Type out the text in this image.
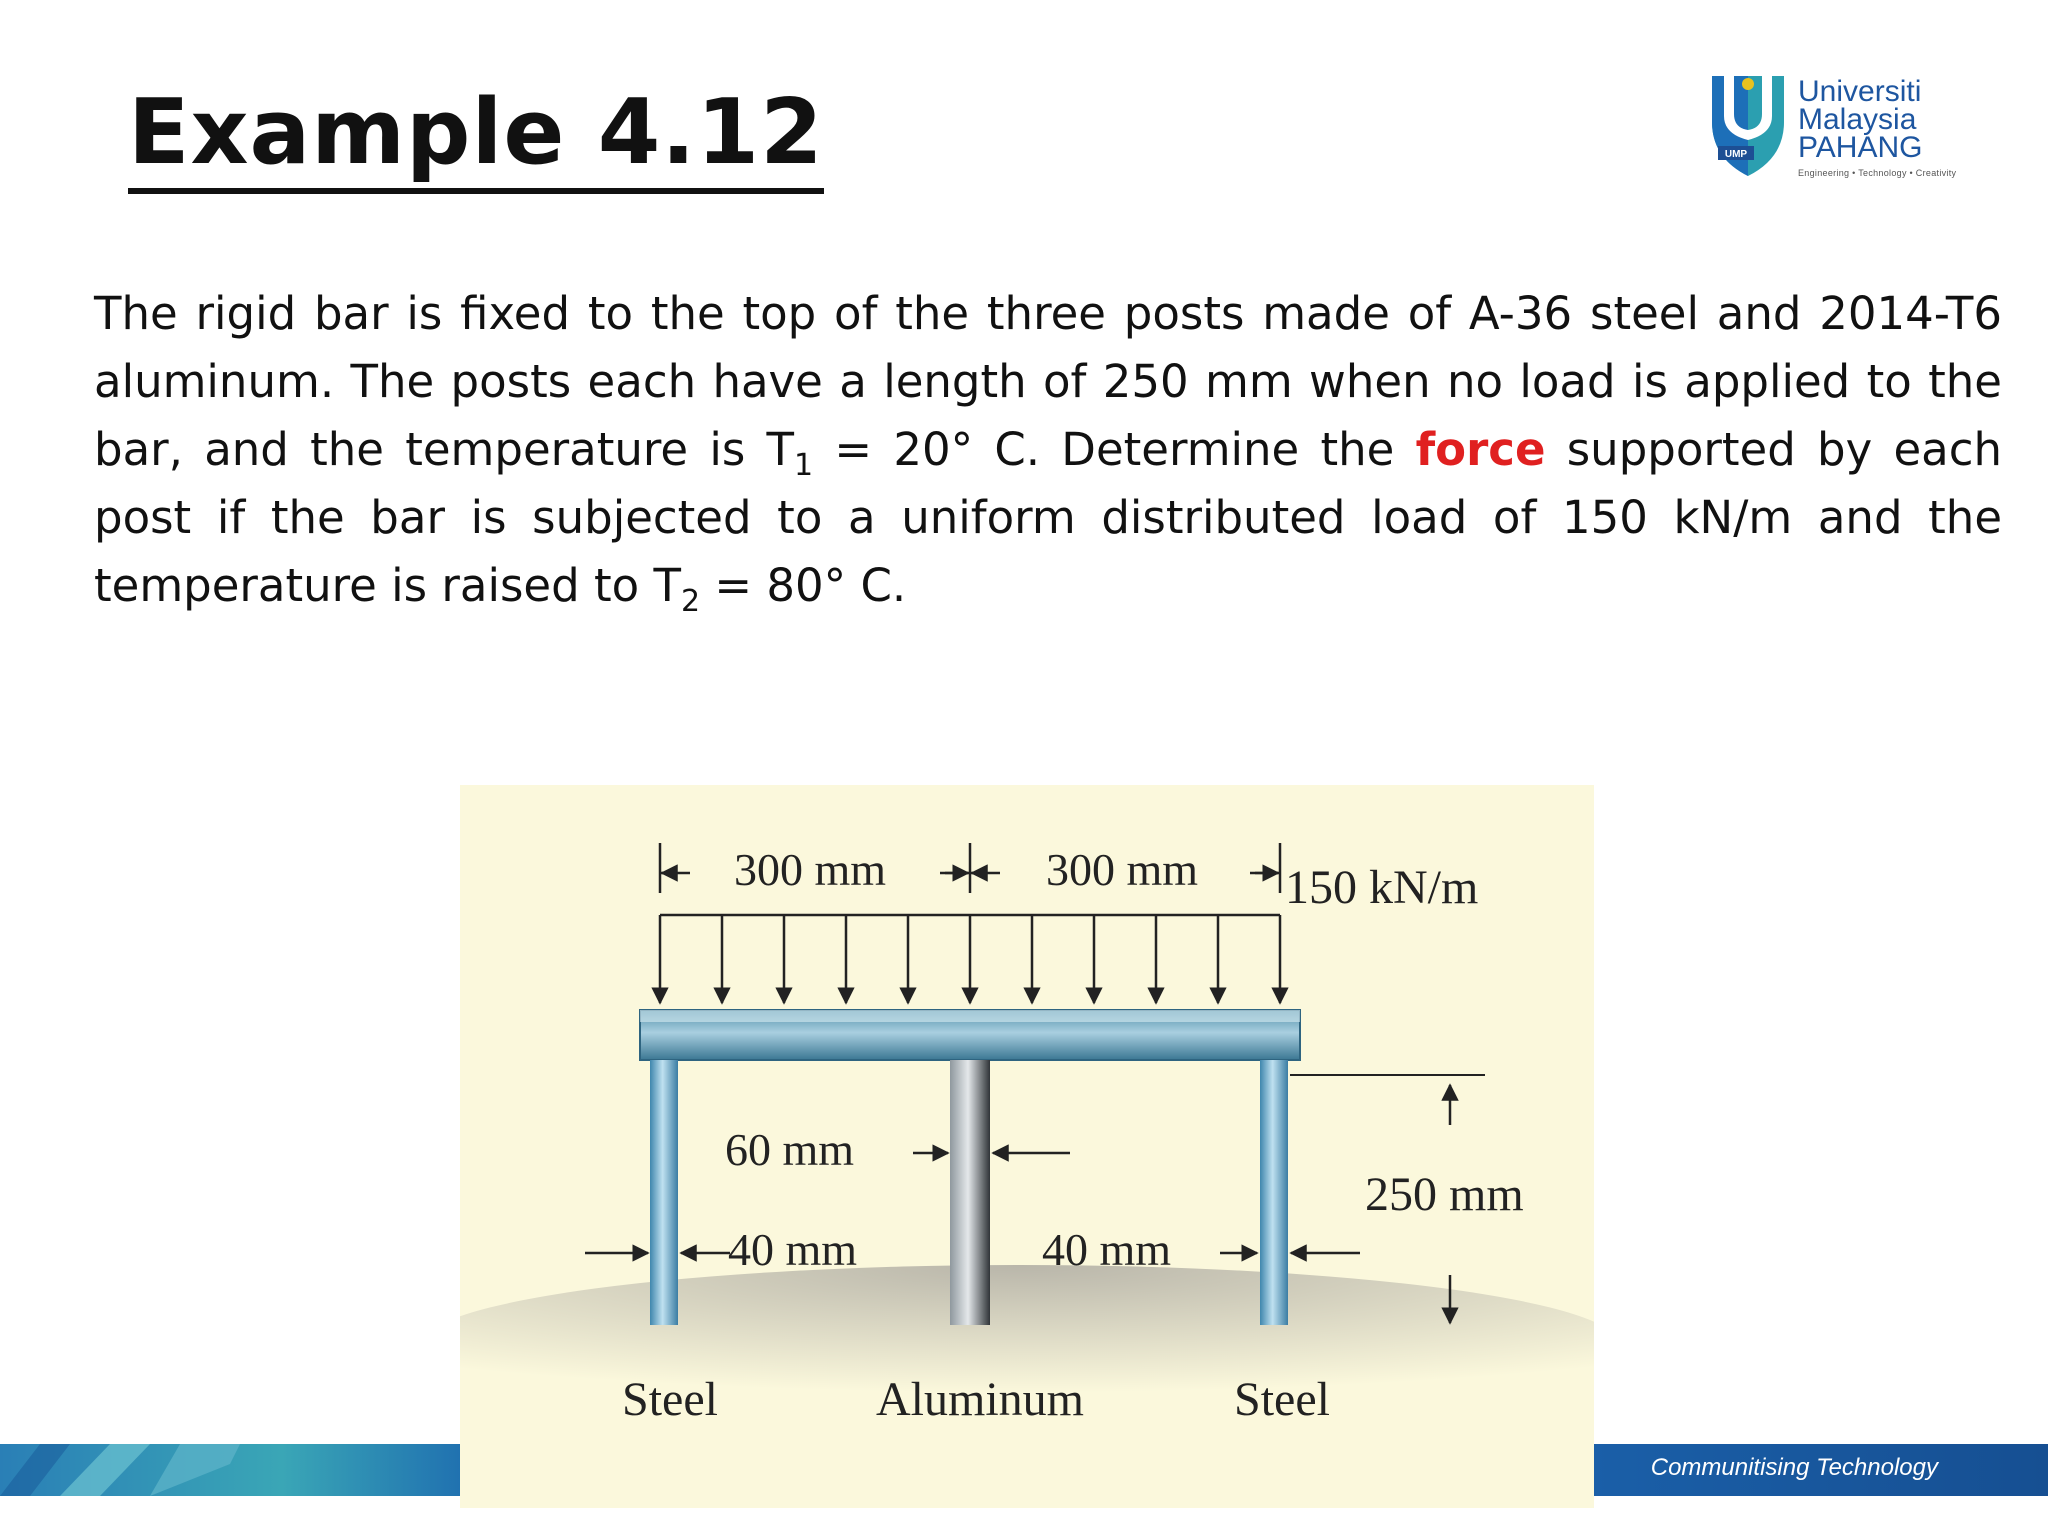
Example 4.12	UMP
Universiti
Malaysia
PAHANG
Engineering • Technology • Creativity

The rigid bar is fixed to the top of the three posts made of A-36 steel and 2014-T6 aluminum. The posts each have a length of 250 mm when no load is applied to the bar, and the temperature is $T_1 = 20^\circ$ C. Determine the force supported by each post if the bar is subjected to a uniform distributed load of 150 kN/m and the temperature is raised to $T_2 = 80^\circ$ C.

Communitising Technology
300 mm	300 mm 150 kN/m
250 mm
60 mm
40 mm	40 mm
Steel	Aluminum	Steel
